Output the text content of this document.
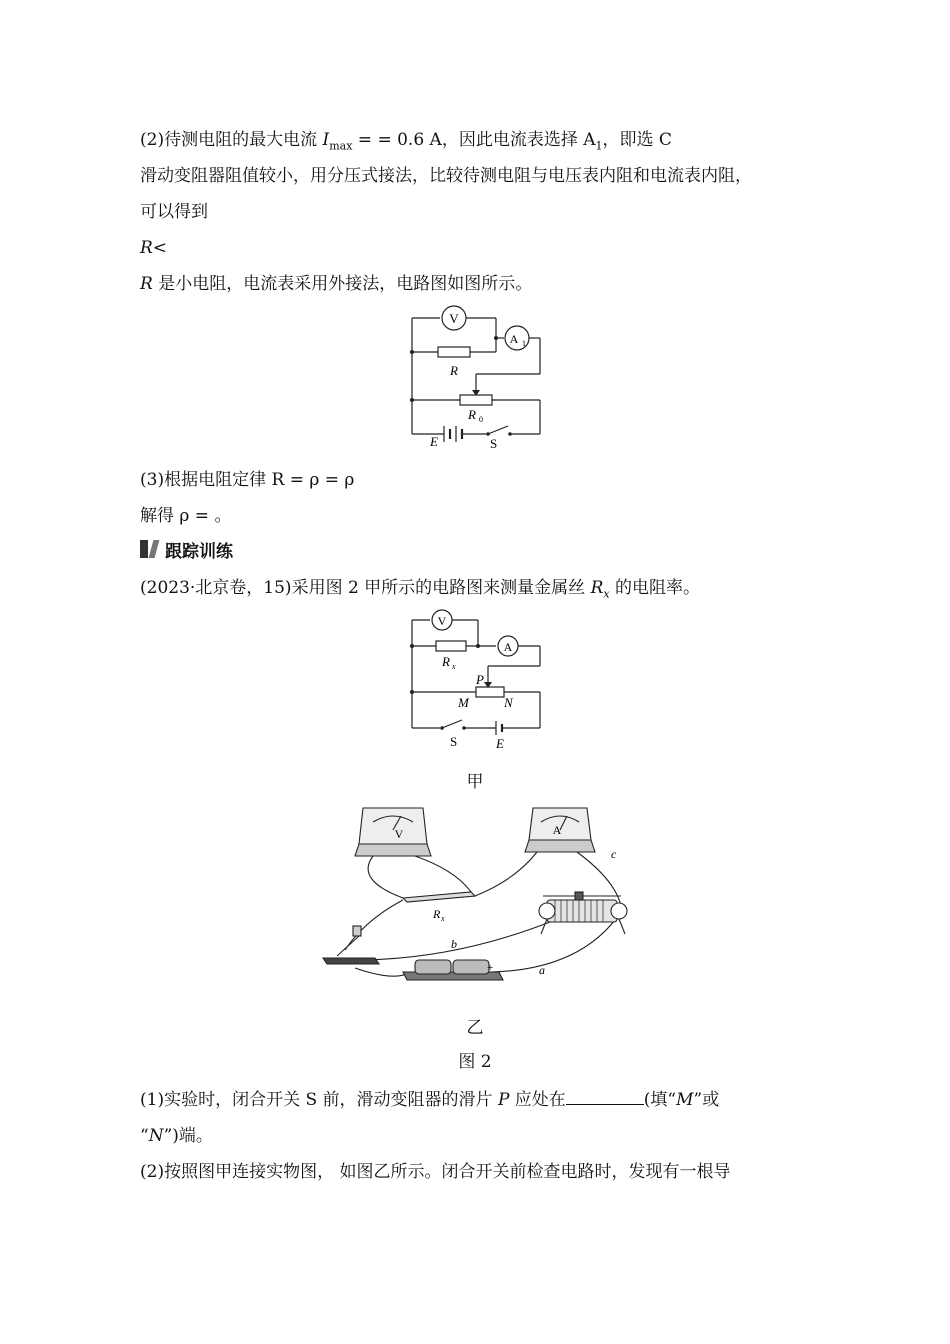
(2)待测电阻的最大电流 $I_{max}$ = = 0.6 A，因此电流表选择 $A_1$，即选 C
滑动变阻器阻值较小，用分压式接法，比较待测电阻与电压表内阻和电流表内阻，
可以得到
R<
R 是小电阻，电流表采用外接法，电路图如图所示。
V
A 1
R
R 0
E	S
(3)根据电阻定律 R = ρ = ρ
解得 ρ = 。
跟踪训练
(2023·北京卷，15)采用图 2 甲所示的电路图来测量金属丝 $R_x$ 的电阻率。
V
A
R x
P
M	N
S	E
甲
V	A
R x
a
b
c
+
乙
图 2
(1)实验时，闭合开关 S 前，滑动变阻器的滑片 P 应处在	(填“M”或
“N”)端。
(2)按照图甲连接实物图， 如图乙所示。闭合开关前检查电路时，发现有一根导
